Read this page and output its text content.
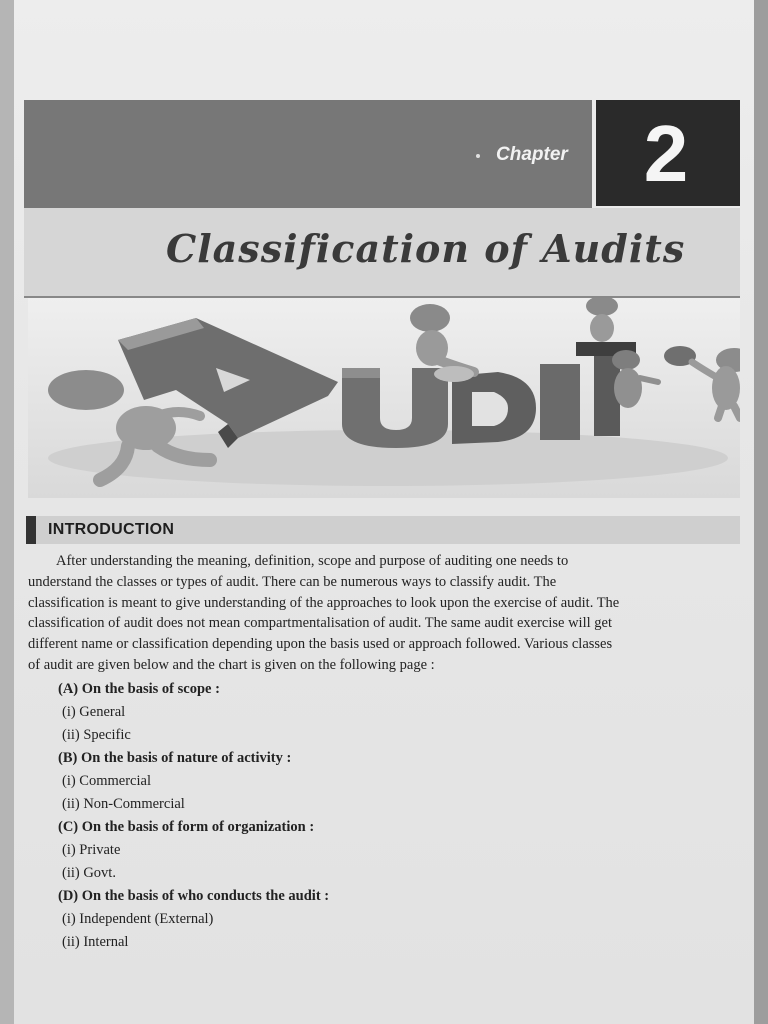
Chapter 2
Classification of Audits
INTRODUCTION
After understanding the meaning, definition, scope and purpose of auditing one needs to
understand the classes or types of audit. There can be numerous ways to classify audit. The
classification is meant to give understanding of the approaches to look upon the exercise of audit. The
classification of audit does not mean compartmentalisation of audit. The same audit exercise will get
different name or classification depending upon the basis used or approach followed. Various classes
of audit are given below and the chart is given on the following page :
(A) On the basis of scope :
(i) General
(ii) Specific
(B) On the basis of nature of activity :
(i) Commercial
(ii) Non-Commercial
(C) On the basis of form of organization :
(i) Private
(ii) Govt.
(D) On the basis of who conducts the audit :
(i) Independent (External)
(ii) Internal
